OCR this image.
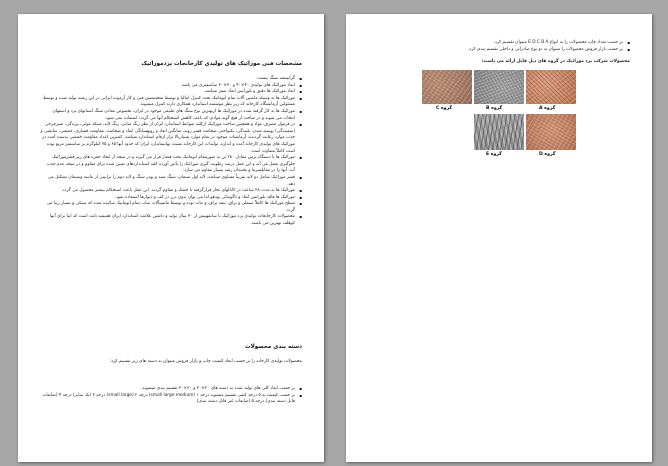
مشخصات فنی موزائیک های تولیدی کارخانجات یزدموزائیک
▪ گرانیتشه سنگ نیست.
▪ ابعاد موزائیک های تولیدی ۴۰×۴۰ و ۳۰×۳۰ سانتیمتری می باشد.
▪ ابعاد موزائیک ها دقیق و تلورانس ابعاد صفر میباشد.
▪ موزائیک ها به وسیله ماشین آلات تمام اتوماتیک تحت کنترل ایتالیا و توسط متخصصین فنی و کار آزموده ایرانی در این رشته تولید شده و توسط مسئولین آزمایشگاه کارخانه که زیر نظر موسسه استاندارد همکاری دارند کنترل میشوند.
▪ موزائیک ها به کار گرفته شده در موزائیک ها ازبهترین نوع سنگ های طبیعی موجود در ایران، بخصوص معادن سنگ استانهای یزد و اصفهان انتخاب می شوند و در ساخت از هیچ گونه موادی که باعث کاهش استحکام آنها می گردد، استفاده نمی شود.
▪ در فرمول مصرف مواد و همچنین ساخت موزائیک ازکلیه ضوابط استاندارد ایران از نظر رنگ مبانی، رنگ لایه، شبکه موئی، پریدگی، شیرچرخی (سمبیدگی) پوسته شدن، تلبیدگی، یکنواختی ضخامت قشر رویه، میانگین ابعاد و روپهسانگی ابعاد و ضخامت، مقاومت فشاری، خمشی، سایشی و جذب موارد رعایت گردیده، آزمایشات موجود در تمام موارد بسیاربالا تراز ارقام استاندارد میباشد. کمترین اعداد مقاومت خمشی بدست آمده در موزائیک های تولیدی کارخانه آمده و اندازه، تولیدات این کارخانه نسبت بهاستاندارد ایران که حدود آنها ۶۵ و ۷۵ کیلوگرم بر سانتیمتر مربع بوده است کاملاً متفاوت است.
▪ موزائیک ها با دستگاه پرس معادل ۲۸۰ تن به صورتتمام اتوماتیک تحت فشار قرار می گیرند و در نتیجه از ایجاد حفره های زیر قشرموزائیک جلوگیری بعمل می آید و این عمل درصد رطوبت گیری موزائیک را پائین آورده کلیه استانداردهای تعیین شده برای مقاوم و در نتیجه عدم جذب آب، آنها را در مقابلسرما و یخبندان رشد بسیار مقاوم می سازد.
▪ قشر موزائیک شامل دو لایه تقریباً مساوی میباشد، لایه اول سیمان، سنگ شبه و پودر سنگ و لایه دوم را تراپینی از ماسه وسیمان تشکیل می دهد.
▪ موزائیک ها به مدت ۲۸ ساعت در کانالهای بخار قرارگرفته تا خشک و مقاوم گردند. این عمل باعث استحکام بیشتر محصول می گردد.
▪ موزائیک ها فاقد تلورانس ابعاد و تاگونیائی بودهو لذا می توان بدون درز در کف و دیوارها استفاده نمود.
▪ سطح موزائیک ها کاملاً صیقلی و براق، نیمه براق، و مات بوده و توسط ماشینآلات ساب تمام اتوماتیک سائیده شده که سبکی و بسیار زیبا می گردد.
▪ محصولات کارخانجات تولیدی یزد موزائیک با سابقهبیش از ۳۰ سال تولید و داشتن علامت استاندارد ایران همیشه ثابت است که اینا برای آنها کوهلف بهترین می باشند.
دسته بندی محصولات
محصولات تولیدی کارخانه را بر حسب ابعاد کیفیت چاپ و بازار فروش میتوان به دسته های زیر تقسیم کرد:
▪ بر حسب ابعاد کلی های تولید شده به دسته های ۲۰×۲۰ و ۳۰×۳۰ تقسیم بندی میشوند.
▪ بر حسب کیفیت به ۵ درجه کیفی تقسیم میشوند درجه ۱ (small large medium) درجه ۲ (small large) درجه ۳ (تک سایز) درجه ۴ (ضایعات قابل دسته بندی) درجه ۵ (ضایعات غیر قابل دسته بندی).
▪ بر حسب تعداد چاپ محصولات را به انواع E D C B A میتوان تقسیم کرد.
▪ بر حسب بازار فروش محصولات را میتوان به دو نوع صادراتی و داخلی تقسیم بندی کرد.
محصولات شرکت یزد موزائیک در گروه های ذیل قابل ارائه می باشند:
گروه C	گروه B	گروه A
گروه E	گروه D
